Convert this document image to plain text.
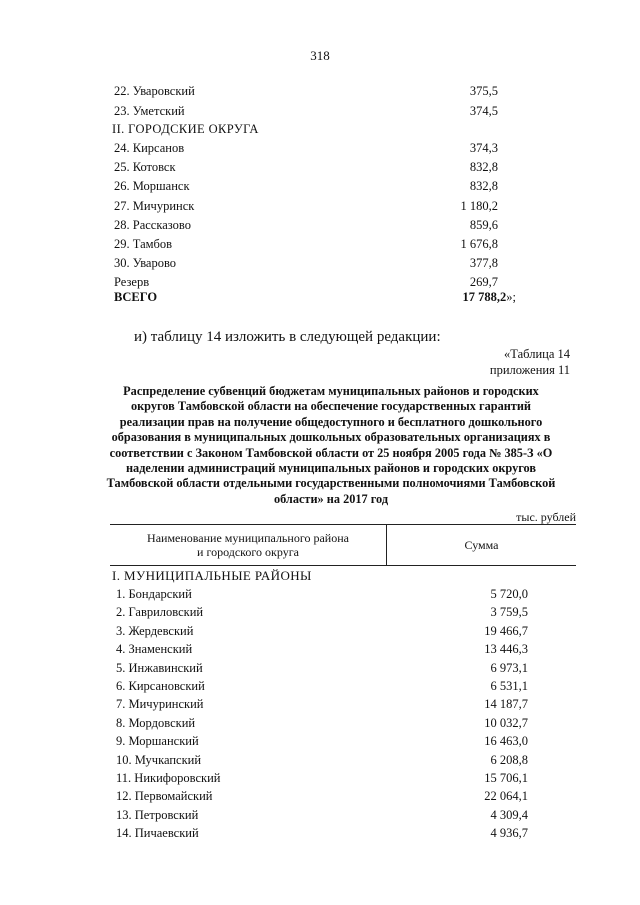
318
22. Уваровский	375,5
23. Уметский	374,5
II. ГОРОДСКИЕ ОКРУГА
24. Кирсанов	374,3
25. Котовск	832,8
26. Моршанск	832,8
27. Мичуринск	1 180,2
28. Рассказово	859,6
29. Тамбов	1 676,8
30. Уварово	377,8
Резерв	269,7
ВСЕГО	17 788,2»;
и) таблицу 14 изложить в следующей редакции:
«Таблица 14
приложения 11
Распределение субвенций бюджетам муниципальных районов и городских округов Тамбовской области на обеспечение государственных гарантий реализации прав на получение общедоступного и бесплатного дошкольного образования в муниципальных дошкольных образовательных организациях в соответствии с Законом Тамбовской области от 25 ноября 2005 года № 385-З «О наделении администраций муниципальных районов и городских округов Тамбовской области отдельными государственными полномочиями Тамбовской области» на 2017 год
тыс. рублей
Наименование муниципального района
и городского округа
Сумма
I. МУНИЦИПАЛЬНЫЕ РАЙОНЫ
1. Бондарский	5 720,0
2. Гавриловский	3 759,5
3. Жердевский	19 466,7
4. Знаменский	13 446,3
5. Инжавинский	6 973,1
6. Кирсановский	6 531,1
7. Мичуринский	14 187,7
8. Мордовский	10 032,7
9. Моршанский	16 463,0
10. Мучкапский	6 208,8
11. Никифоровский	15 706,1
12. Первомайский	22 064,1
13. Петровский	4 309,4
14. Пичаевский	4 936,7
